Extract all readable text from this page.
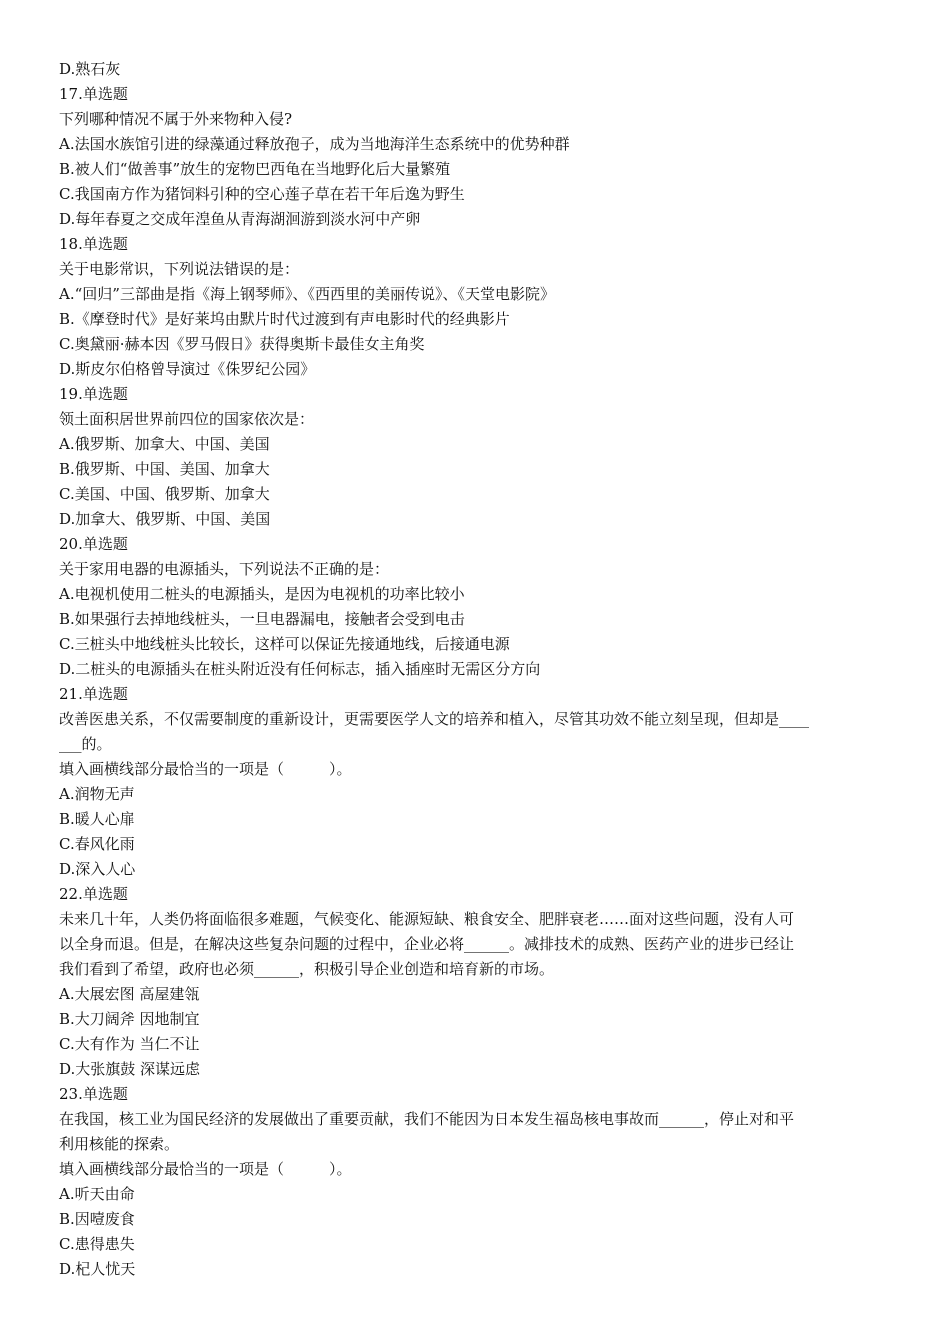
D.熟石灰
17.单选题
下列哪种情况不属于外来物种入侵?
A.法国水族馆引进的绿藻通过释放孢子，成为当地海洋生态系统中的优势种群
B.被人们“做善事”放生的宠物巴西龟在当地野化后大量繁殖
C.我国南方作为猪饲料引种的空心莲子草在若干年后逸为野生
D.每年春夏之交成年湟鱼从青海湖洄游到淡水河中产卵
18.单选题
关于电影常识，下列说法错误的是：
A.“回归”三部曲是指《海上钢琴师》、《西西里的美丽传说》、《天堂电影院》
B.《摩登时代》是好莱坞由默片时代过渡到有声电影时代的经典影片
C.奥黛丽·赫本因《罗马假日》获得奥斯卡最佳女主角奖
D.斯皮尔伯格曾导演过《侏罗纪公园》
19.单选题
领土面积居世界前四位的国家依次是：
A.俄罗斯、加拿大、中国、美国
B.俄罗斯、中国、美国、加拿大
C.美国、中国、俄罗斯、加拿大
D.加拿大、俄罗斯、中国、美国
20.单选题
关于家用电器的电源插头，下列说法不正确的是：
A.电视机使用二桩头的电源插头，是因为电视机的功率比较小
B.如果强行去掉地线桩头，一旦电器漏电，接触者会受到电击
C.三桩头中地线桩头比较长，这样可以保证先接通地线，后接通电源
D.二桩头的电源插头在桩头附近没有任何标志，插入插座时无需区分方向
21.单选题
改善医患关系，不仅需要制度的重新设计，更需要医学人文的培养和植入，尽管其功效不能立刻呈现，但却是____
___的。
填入画横线部分最恰当的一项是（　　　）。
A.润物无声
B.暖人心扉
C.春风化雨
D.深入人心
22.单选题
未来几十年，人类仍将面临很多难题，气候变化、能源短缺、粮食安全、肥胖衰老……面对这些问题，没有人可
以全身而退。但是，在解决这些复杂问题的过程中，企业必将______。减排技术的成熟、医药产业的进步已经让
我们看到了希望，政府也必须______，积极引导企业创造和培育新的市场。
A.大展宏图 高屋建瓴
B.大刀阔斧 因地制宜
C.大有作为 当仁不让
D.大张旗鼓 深谋远虑
23.单选题
在我国，核工业为国民经济的发展做出了重要贡献，我们不能因为日本发生福岛核电事故而______，停止对和平
利用核能的探索。
填入画横线部分最恰当的一项是（　　　）。
A.听天由命
B.因噎废食
C.患得患失
D.杞人忧天
